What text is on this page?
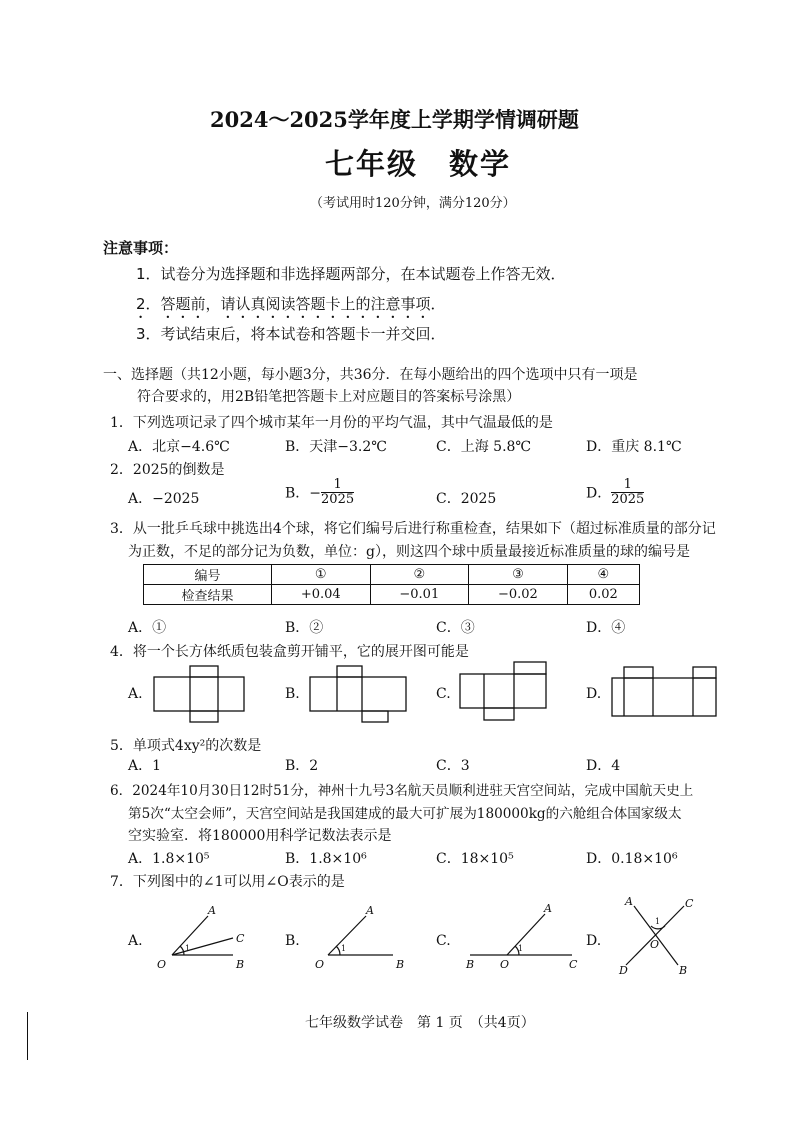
2024～2025学年度上学期学情调研题
七年级　数学
（考试用时120分钟，满分120分）
注意事项：
1．试卷分为选择题和非选择题两部分，在本试题卷上作答无效．
2．答题前，请认真阅读答题卡上的注意事项．
3．考试结束后，将本试卷和答题卡一并交回．
一、选择题（共12小题，每小题3分，共36分．在每小题给出的四个选项中只有一项是
符合要求的，用2B铅笔把答题卡上对应题目的答案标号涂黑）
1．下列选项记录了四个城市某年一月份的平均气温，其中气温最低的是
A．北京−4.6℃	B．天津−3.2℃	C．上海 5.8℃	D．重庆 8.1℃
2．2025的倒数是
A．−2025	B．− $\frac{1}{2025}$	C．2025	D． $\frac{1}{2025}$
3．从一批乒乓球中挑选出4个球，将它们编号后进行称重检查，结果如下（超过标准质量的部分记
为正数，不足的部分记为负数，单位：g），则这四个球中质量最接近标准质量的球的编号是
编号	①	②	③	④
检查结果	+0.04	−0.01	−0.02	0.02
A．①	B．②	C．③	D．④
4．将一个长方体纸质包装盒剪开铺平，它的展开图可能是
A.	B.	C.	D.
5．单项式4xy²的次数是
A．1	B．2	C．3	D．4
6．2024年10月30日12时51分，神州十九号3名航天员顺利进驻天宫空间站，完成中国航天史上
第5次“太空会师”，天宫空间站是我国建成的最大可扩展为180000kg的六舱组合体国家级太
空实验室．将180000用科学记数法表示是
A．1.8×10⁵	B．1.8×10⁶	C．18×10⁵	D．0.18×10⁶
7．下列图中的∠1可以用∠O表示的是
A.	B.	C.	D.
O
A
C
B
1
O
A
B
1
B O
A
C
1
A	C
O
D	B
1
七年级数学试卷　第 1 页　（共4页）
